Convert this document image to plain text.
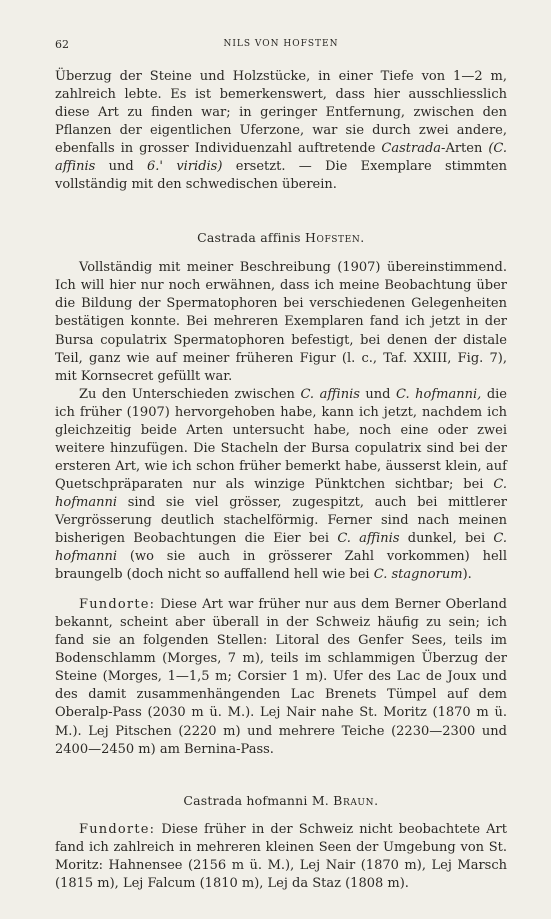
62	NILS VON HOFSTEN

Überzug der Steine und Holzstücke, in einer Tiefe von 1—2 m, zahlreich lebte. Es ist bemerkenswert, dass hier ausschliesslich diese Art zu finden war; in geringer Entfernung, zwischen den Pflanzen der eigentlichen Uferzone, war sie durch zwei andere, ebenfalls in grosser Individuenzahl auftretende Castrada-Arten (C. affinis und 6.' viridis) ersetzt. — Die Exemplare stimmten vollständig mit den schwedischen überein.

Castrada affinis Hofsten.

Vollständig mit meiner Beschreibung (1907) übereinstimmend. Ich will hier nur noch erwähnen, dass ich meine Beobachtung über die Bildung der Spermatophoren bei verschiedenen Gelegenheiten bestätigen konnte. Bei mehreren Exemplaren fand ich jetzt in der Bursa copulatrix Spermatophoren befestigt, bei denen der distale Teil, ganz wie auf meiner früheren Figur (l. c., Taf. XXIII, Fig. 7), mit Kornsecret gefüllt war.

Zu den Unterschieden zwischen C. affinis und C. hofmanni, die ich früher (1907) hervorgehoben habe, kann ich jetzt, nachdem ich gleichzeitig beide Arten untersucht habe, noch eine oder zwei weitere hinzufügen. Die Stacheln der Bursa copulatrix sind bei der ersteren Art, wie ich schon früher bemerkt habe, äusserst klein, auf Quetschpräparaten nur als winzige Pünktchen sichtbar; bei C. hofmanni sind sie viel grösser, zugespitzt, auch bei mittlerer Vergrösserung deutlich stachelförmig. Ferner sind nach meinen bisherigen Beobachtungen die Eier bei C. affinis dunkel, bei C. hofmanni (wo sie auch in grösserer Zahl vorkommen) hell braungelb (doch nicht so auffallend hell wie bei C. stagnorum).

Fundorte: Diese Art war früher nur aus dem Berner Oberland bekannt, scheint aber überall in der Schweiz häufig zu sein; ich fand sie an folgenden Stellen: Litoral des Genfer Sees, teils im Bodenschlamm (Morges, 7 m), teils im schlammigen Überzug der Steine (Morges, 1—1,5 m; Corsier 1 m). Ufer des Lac de Joux und des damit zusammenhängenden Lac Brenets Tümpel auf dem Oberalp-Pass (2030 m ü. M.). Lej Nair nahe St. Moritz (1870 m ü. M.). Lej Pitschen (2220 m) und mehrere Teiche (2230—2300 und 2400—2450 m) am Bernina-Pass.

Castrada hofmanni M. Braun.

Fundorte: Diese früher in der Schweiz nicht beobachtete Art fand ich zahlreich in mehreren kleinen Seen der Umgebung von St. Moritz: Hahnensee (2156 m ü. M.), Lej Nair (1870 m), Lej Marsch (1815 m), Lej Falcum (1810 m), Lej da Staz (1808 m).
